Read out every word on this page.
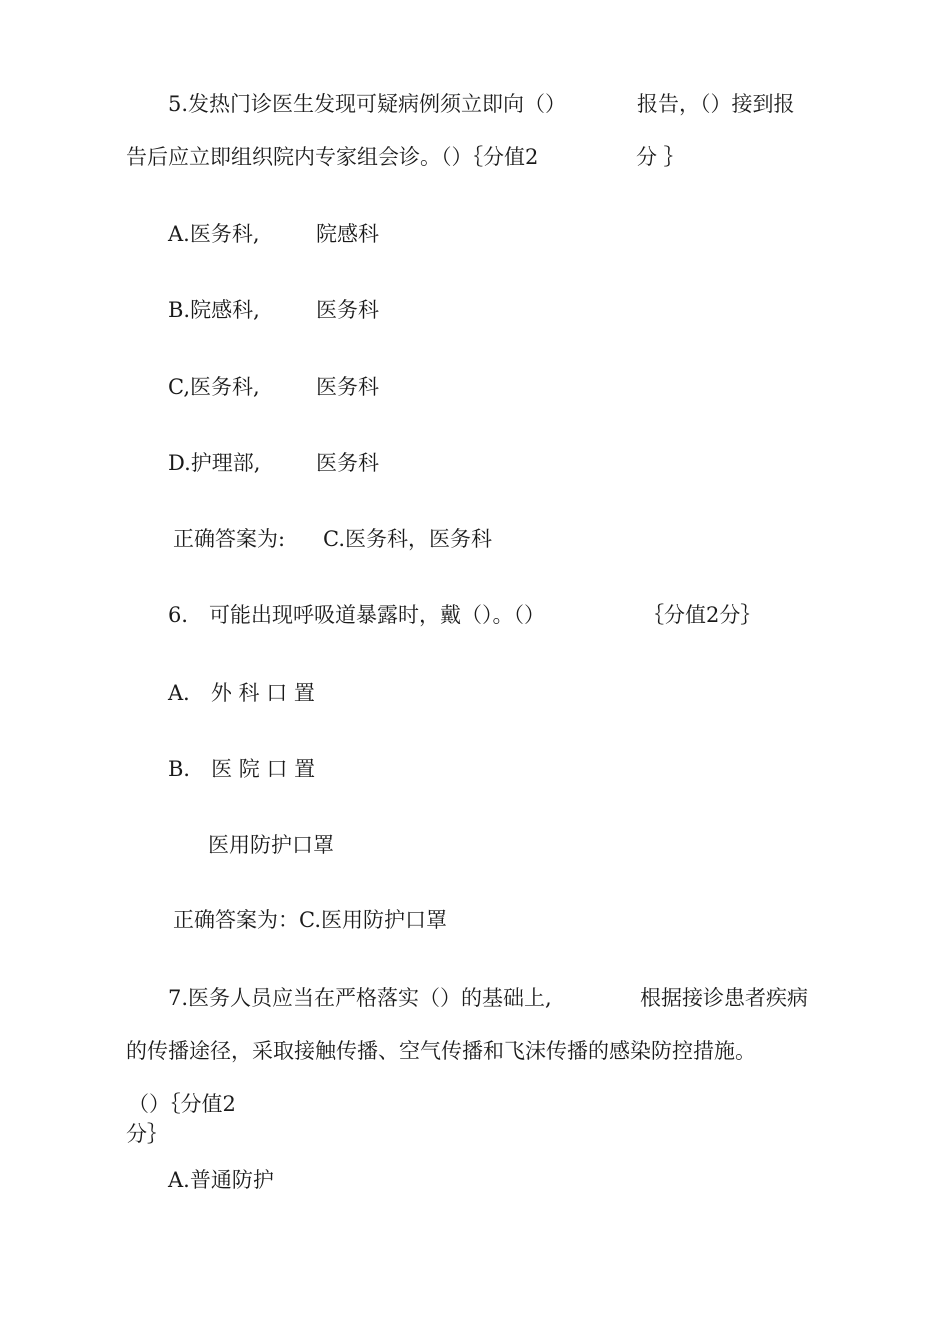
5.发热门诊医生发现可疑病例须立即向（）	报告，（）接到报
告后应立即组织院内专家组会诊。（）｛分值2	分 ｝
A.医务科,	院感科
B.院感科,	医务科
C,医务科,	医务科
D.护理部,	医务科
正确答案为: C.医务科，医务科
6． 可能出现呼吸道暴露时，戴（）。（）	｛分值2分｝
A． 外 科 口 置
B． 医 院 口 置
医用防护口罩
正确答案为：C.医用防护口罩
7.医务人员应当在严格落实（）的基础上,	根据接诊患者疾病
的传播途径，采取接触传播、空气传播和飞沫传播的感染防控措施。
（）｛分值2
分｝
A.普通防护
